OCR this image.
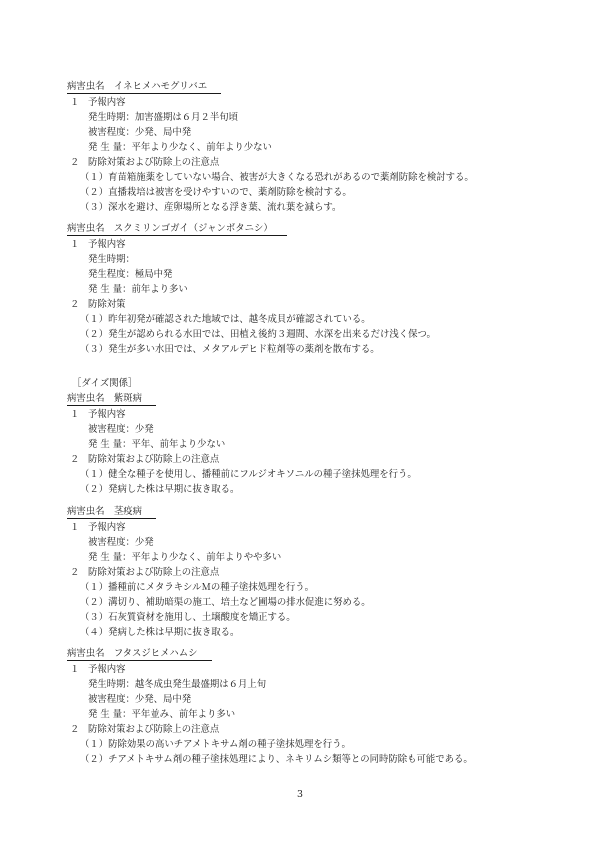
病害虫名　イネヒメハモグリバエ
１ 予報内容
発生時期：加害盛期は６月２半旬頃
被害程度：少発、局中発
発 生 量：平年より少なく、前年より少ない
２ 防除対策および防除上の注意点
（１）育苗箱施薬をしていない場合、被害が大きくなる恐れがあるので薬剤防除を検討する。
（２）直播栽培は被害を受けやすいので、薬剤防除を検討する。
（３）深水を避け、産卵場所となる浮き葉、流れ葉を減らす。
病害虫名　スクミリンゴガイ（ジャンボタニシ）
１ 予報内容
発生時期：
発生程度：極局中発
発 生 量：前年より多い
２ 防除対策
（１）昨年初発が確認された地域では、越冬成貝が確認されている。
（２）発生が認められる水田では、田植え後約３週間、水深を出来るだけ浅く保つ。
（３）発生が多い水田では、メタアルデヒド粒剤等の薬剤を散布する。
［ダイズ関係］
病害虫名　紫斑病
１ 予報内容
被害程度：少発
発 生 量：平年、前年より少ない
２ 防除対策および防除上の注意点
（１）健全な種子を使用し、播種前にフルジオキソニルの種子塗抹処理を行う。
（２）発病した株は早期に抜き取る。
病害虫名　茎疫病
１ 予報内容
被害程度：少発
発 生 量：平年より少なく、前年よりやや多い
２ 防除対策および防除上の注意点
（１）播種前にメタラキシルＭの種子塗抹処理を行う。
（２）溝切り、補助暗渠の施工、培土など圃場の排水促進に努める。
（３）石灰質資材を施用し、土壌酸度を矯正する。
（４）発病した株は早期に抜き取る。
病害虫名　フタスジヒメハムシ
１ 予報内容
発生時期：越冬成虫発生最盛期は６月上旬
被害程度：少発、局中発
発 生 量：平年並み、前年より多い
２ 防除対策および防除上の注意点
（１）防除効果の高いチアメトキサム剤の種子塗抹処理を行う。
（２）チアメトキサム剤の種子塗抹処理により、ネキリムシ類等との同時防除も可能である。
3
